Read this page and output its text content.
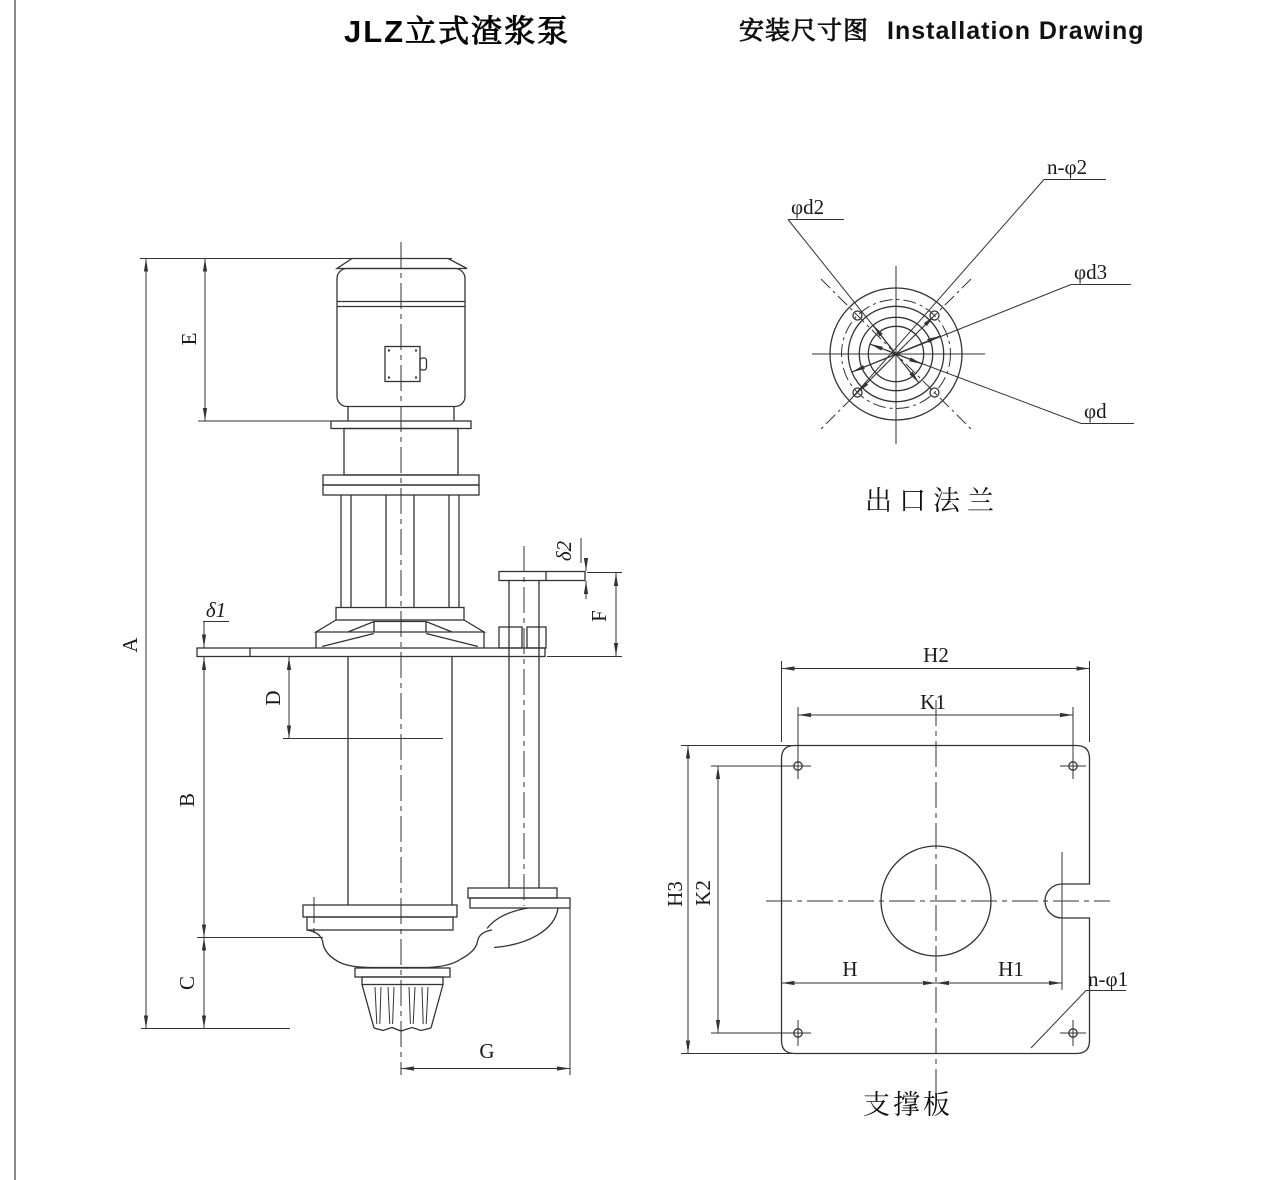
JLZ立式渣浆泵	安装尺寸图 Installation Drawing
A
E
B
C
D
δ1
δ2
F
G
φd2
n-φ2
φd3
φd
出口法兰
H2
K1
H3 K2
H	H1	n-φ1
支撑板
